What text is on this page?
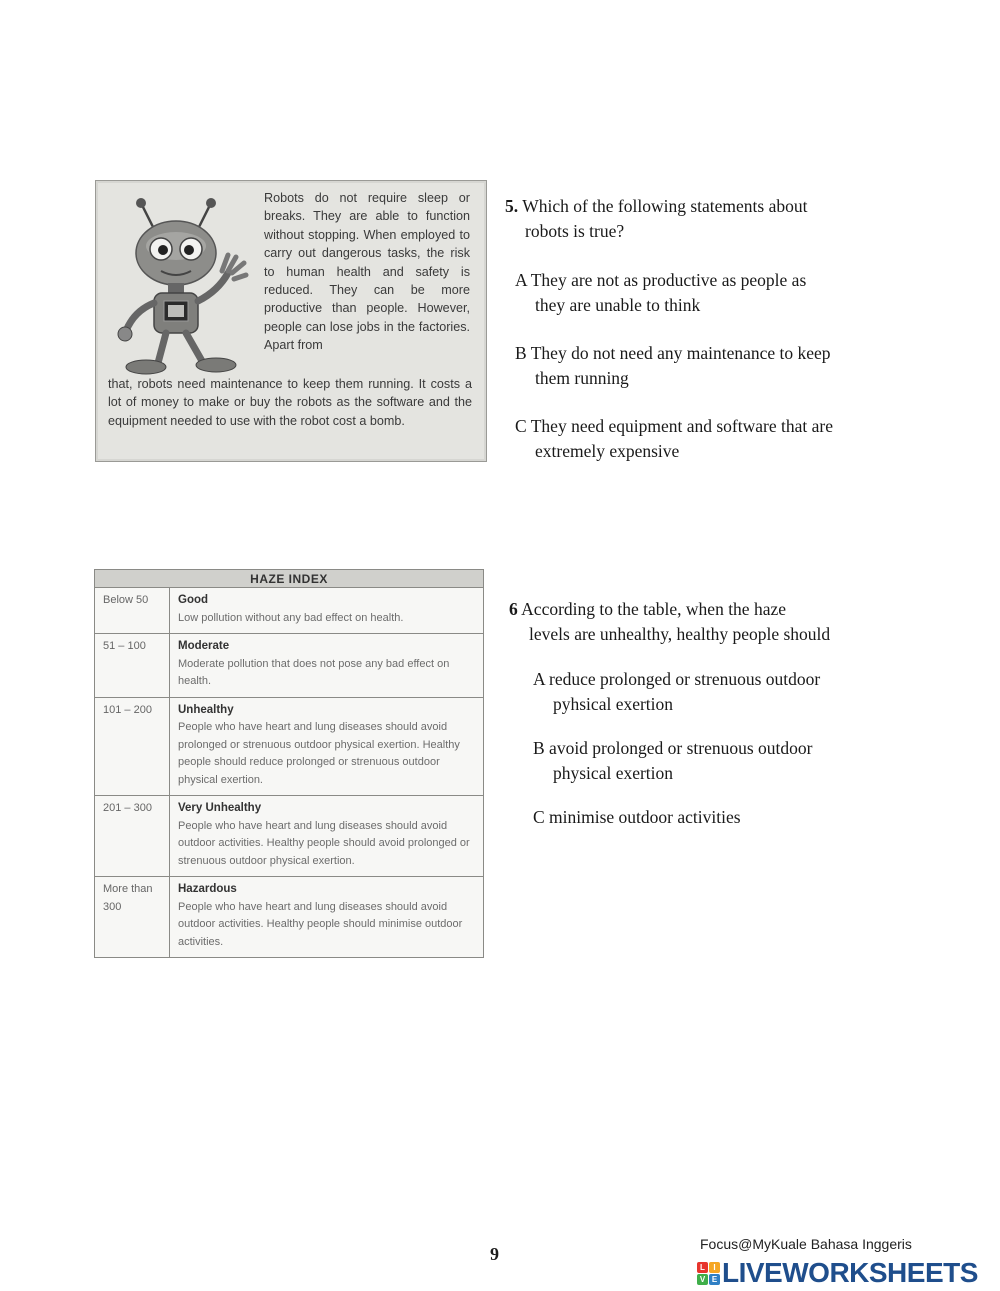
Robots do not require sleep or breaks. They are able to function without stopping. When employed to carry out dangerous tasks, the risk to human health and safety is reduced. They can be more productive than people. However, people can lose jobs in the factories. Apart from
that, robots need maintenance to keep them running. It costs a lot of money to make or buy the robots as the software and the equipment needed to use with the robot cost a bomb.

5. Which of the following statements about
robots is true?

A They are not as productive as people as
they are unable to think

B They do not need any maintenance to keep
them running

C They need equipment and software that are
extremely expensive

HAZE INDEX	
Below 50	Good
Low pollution without any bad effect on health.

51 – 100	Moderate
Moderate pollution that does not pose any bad effect on health.

101 – 200	Unhealthy
People who have heart and lung diseases should avoid prolonged or strenuous outdoor physical exertion. Healthy people should reduce prolonged or strenuous outdoor physical exertion.

201 – 300	Very Unhealthy
People who have heart and lung diseases should avoid outdoor activities. Healthy people should avoid prolonged or strenuous outdoor physical exertion.

More than 300	Hazardous
People who have heart and lung diseases should avoid outdoor activities. Healthy people should minimise outdoor activities.

6 According to the table, when the haze
levels are unhealthy, healthy people should

A reduce prolonged or strenuous outdoor
pyhsical exertion

B avoid prolonged or strenuous outdoor
physical exertion

C minimise outdoor activities

9	Focus@MyKuale Bahasa Inggeris
L	I
V E LIVEWORKSHEETS
